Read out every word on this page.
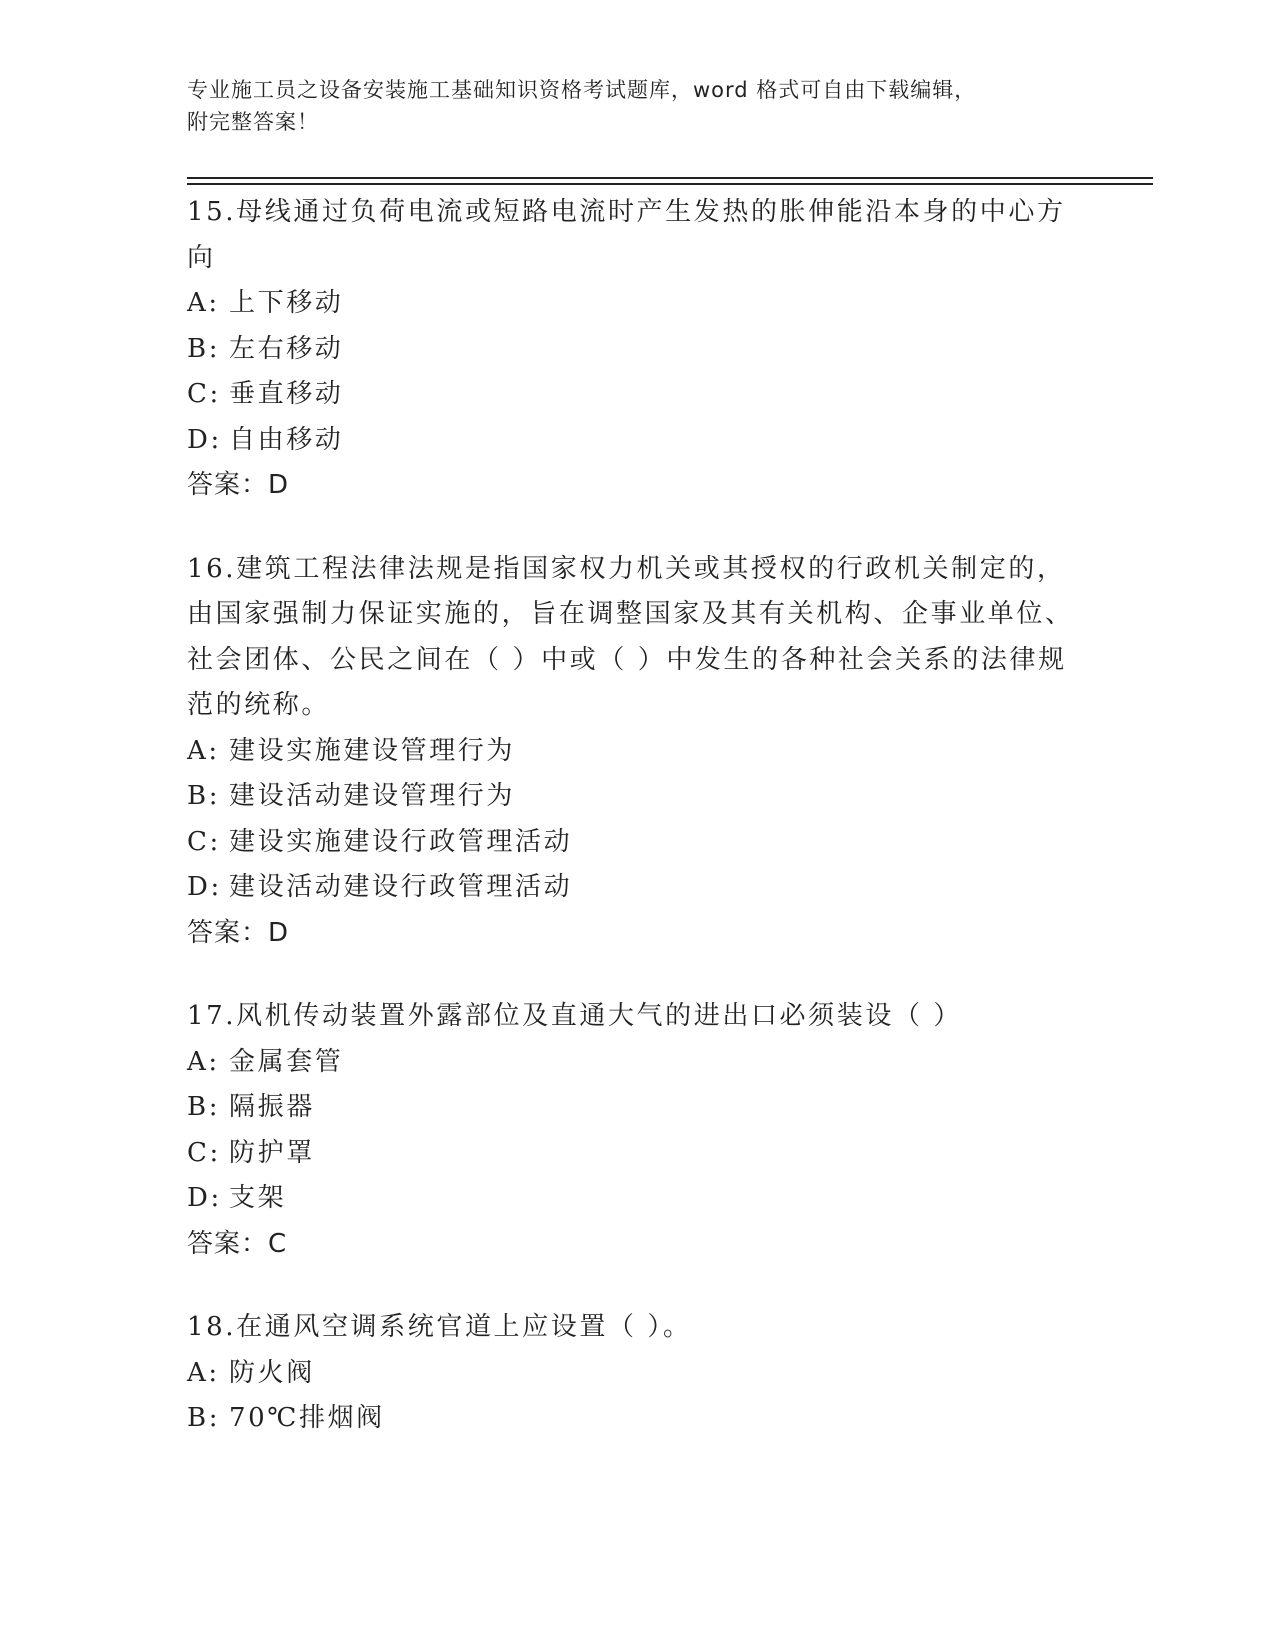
专业施工员之设备安装施工基础知识资格考试题库，word 格式可自由下载编辑，
附完整答案！
15.母线通过负荷电流或短路电流时产生发热的胀伸能沿本身的中心方向
A: 上下移动
B: 左右移动
C: 垂直移动
D: 自由移动
答案：D
16.建筑工程法律法规是指国家权力机关或其授权的行政机关制定的，由国家强制力保证实施的，旨在调整国家及其有关机构、企事业单位、社会团体、公民之间在（ ）中或（ ）中发生的各种社会关系的法律规范的统称。
A: 建设实施建设管理行为
B: 建设活动建设管理行为
C: 建设实施建设行政管理活动
D: 建设活动建设行政管理活动
答案：D
17.风机传动装置外露部位及直通大气的进出口必须装设（ ）
A: 金属套管
B: 隔振器
C: 防护罩
D: 支架
答案：C
18.在通风空调系统官道上应设置（ ）。
A: 防火阀
B: 70℃排烟阀
